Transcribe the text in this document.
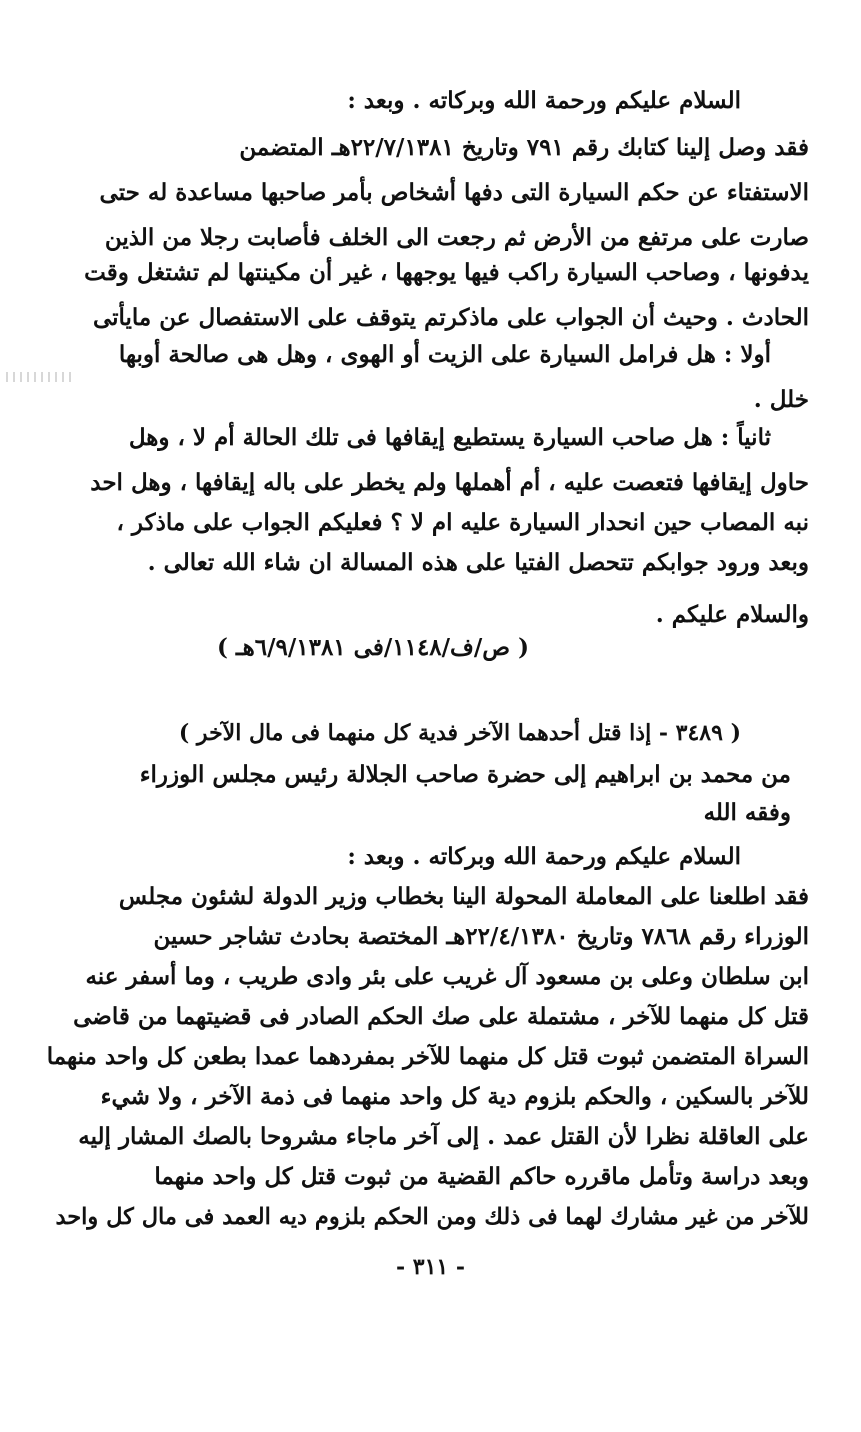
السلام عليكم ورحمة الله وبركاته . وبعد :
فقد وصل إلينا كتابك رقم ٧٩١ وتاريخ ٢٢/٧/١٣٨١هـ المتضمن
الاستفتاء عن حكم السيارة التى دفها أشخاص بأمر صاحبها مساعدة له حتى
صارت على مرتفع من الأرض ثم رجعت الى الخلف فأصابت رجلا من الذين
يدفونها ، وصاحب السيارة راكب فيها يوجهها ، غير أن مكينتها لم تشتغل وقت
الحادث . وحيث أن الجواب على ماذكرتم يتوقف على الاستفصال عن مايأتى
أولا : هل فرامل السيارة على الزيت أو الهوى ، وهل هى صالحة أوبها
خلل .
ثانياً : هل صاحب السيارة يستطيع إيقافها فى تلك الحالة أم لا ، وهل
حاول إيقافها فتعصت عليه ، أم أهملها ولم يخطر على باله إيقافها ، وهل احد
نبه المصاب حين انحدار السيارة عليه ام لا ؟ فعليكم الجواب على ماذكر ،
وبعد ورود جوابكم تتحصل الفتيا على هذه المسالة ان شاء الله تعالى .
والسلام عليكم .
( ص/ف/١١٤٨/فى ٦/٩/١٣٨١هـ )
( ٣٤٨٩ - إذا قتل أحدهما الآخر فدية كل منهما فى مال الآخر )
من محمد بن ابراهيم إلى حضرة صاحب الجلالة رئيس مجلس الوزراء
وفقه الله
السلام عليكم ورحمة الله وبركاته . وبعد :
فقد اطلعنا على المعاملة المحولة الينا بخطاب وزير الدولة لشئون مجلس
الوزراء رقم ٧٨٦٨ وتاريخ ٢٢/٤/١٣٨٠هـ المختصة بحادث تشاجر حسين
ابن سلطان وعلى بن مسعود آل غريب على بئر وادى طريب ، وما أسفر عنه
قتل كل منهما للآخر ، مشتملة على صك الحكم الصادر فى قضيتهما من قاضى
السراة المتضمن ثبوت قتل كل منهما للآخر بمفردهما عمدا بطعن كل واحد منهما
للآخر بالسكين ، والحكم بلزوم دية كل واحد منهما فى ذمة الآخر ، ولا شيء
على العاقلة نظرا لأن القتل عمد . إلى آخر ماجاء مشروحا بالصك المشار إليه
وبعد دراسة وتأمل ماقرره حاكم القضية من ثبوت قتل كل واحد منهما
للآخر من غير مشارك لهما فى ذلك ومن الحكم بلزوم ديه العمد فى مال كل واحد
- ٣١١ -
